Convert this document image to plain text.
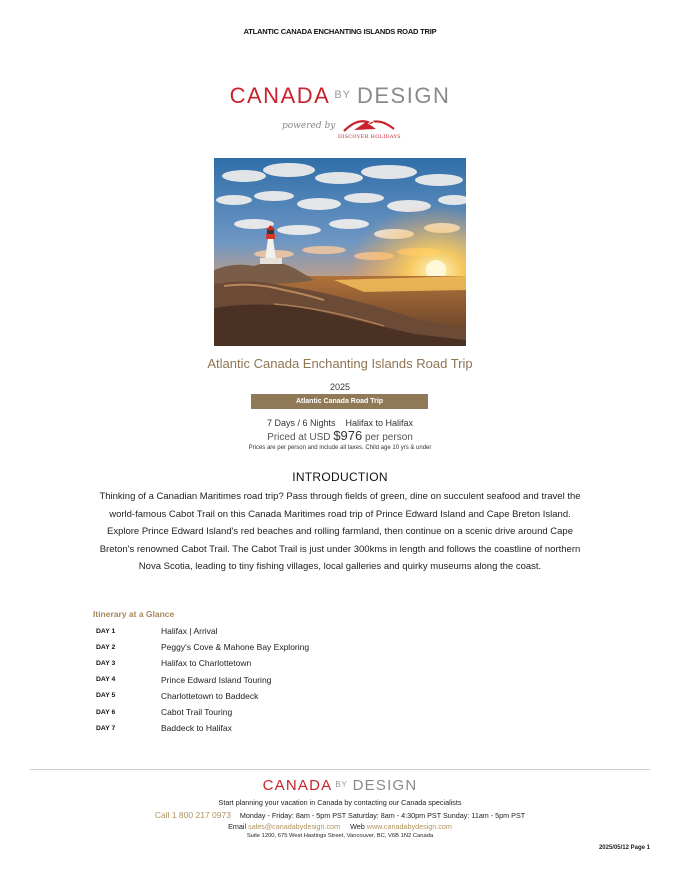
ATLANTIC CANADA ENCHANTING ISLANDS ROAD TRIP
CANADA $^{BY}$ DESIGN
powered by
DISCOVER HOLIDAYS
Atlantic Canada Enchanting Islands Road Trip
2025
Atlantic Canada Road Trip
7 Days / 6 Nights    Halifax to Halifax
Priced at USD $976 per person
Prices are per person and include all taxes. Child age 10 yrs & under
INTRODUCTION
Thinking of a Canadian Maritimes road trip? Pass through fields of green, dine on succulent seafood and travel the world-famous Cabot Trail on this Canada Maritimes road trip of Prince Edward Island and Cape Breton Island. Explore Prince Edward Island's red beaches and rolling farmland, then continue on a scenic drive around Cape Breton's renowned Cabot Trail. The Cabot Trail is just under 300kms in length and follows the coastline of northern Nova Scotia, leading to tiny fishing villages, local galleries and quirky museums along the coast.
Itinerary at a Glance
DAY 1	Halifax | Arrival
DAY 2	Peggy's Cove & Mahone Bay Exploring
DAY 3	Halifax to Charlottetown
DAY 4	Prince Edward Island Touring
DAY 5	Charlottetown to Baddeck
DAY 6	Cabot Trail Touring
DAY 7	Baddeck to Halifax
CANADA $^{BY}$ DESIGN
Start planning your vacation in Canada by contacting our Canada specialists
Call 1 800 217 0973 Monday - Friday: 8am - 5pm PST Saturday: 8am - 4:30pm PST Sunday: 11am - 5pm PST
Email sales@canadabydesign.com Web www.canadabydesign.com
Suite 1200, 675 West Hastings Street, Vancouver, BC, V6B 1N2 Canada
2025/05/12 Page 1
